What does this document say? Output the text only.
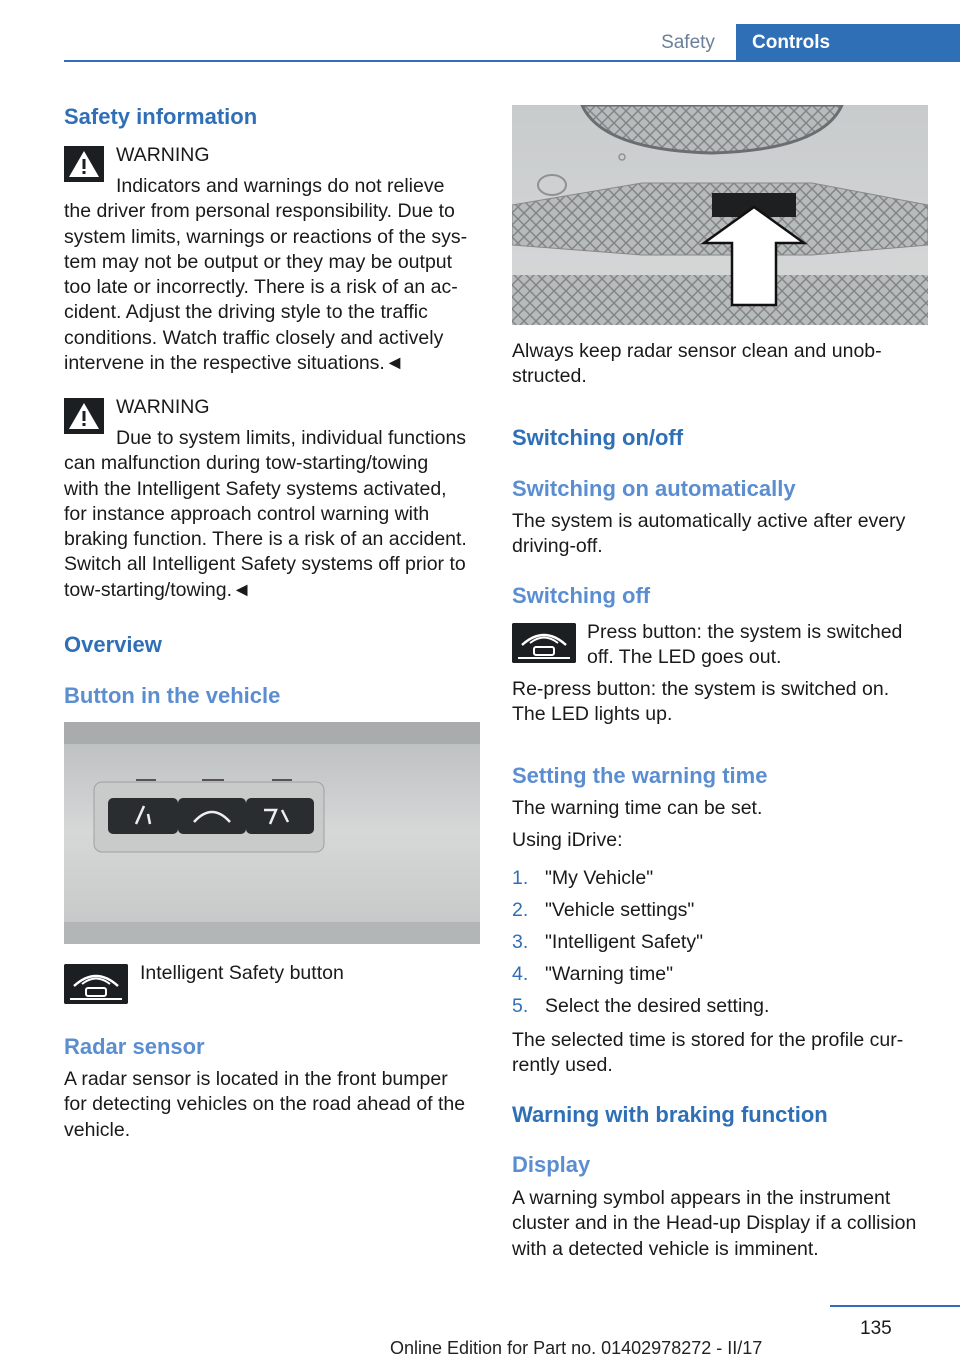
Safety	Controls
Safety information

WARNING

Indicators and warnings do not relieve

the driver from personal responsibility. Due to

system limits, warnings or reactions of the sys‐

tem may not be output or they may be output

too late or incorrectly. There is a risk of an ac‐

cident. Adjust the driving style to the traffic

conditions. Watch traffic closely and actively

intervene in the respective situations.◄

WARNING

Due to system limits, individual functions

can malfunction during tow-starting/towing

with the Intelligent Safety systems activated,

for instance approach control warning with

braking function. There is a risk of an accident.

Switch all Intelligent Safety systems off prior to

tow-starting/towing.◄

Overview
Button in the vehicle

Intelligent Safety button

Radar sensor

A radar sensor is located in the front bumper

for detecting vehicles on the road ahead of the

vehicle.

Always keep radar sensor clean and unob‐

structed.

Switching on/off
Switching on automatically

The system is automatically active after every

driving-off.

Switching off

Press button: the system is switched

off. The LED goes out.

Re-press button: the system is switched on.

The LED lights up.

Setting the warning time

The warning time can be set.

Using iDrive:

1. "My Vehicle"
2. "Vehicle settings"
3. "Intelligent Safety"
4. "Warning time"
5. Select the desired setting.

The selected time is stored for the profile cur‐

rently used.

Warning with braking function
Display

A warning symbol appears in the instrument

cluster and in the Head-up Display if a collision

with a detected vehicle is imminent.

135
Online Edition for Part no. 01402978272 - II/17
